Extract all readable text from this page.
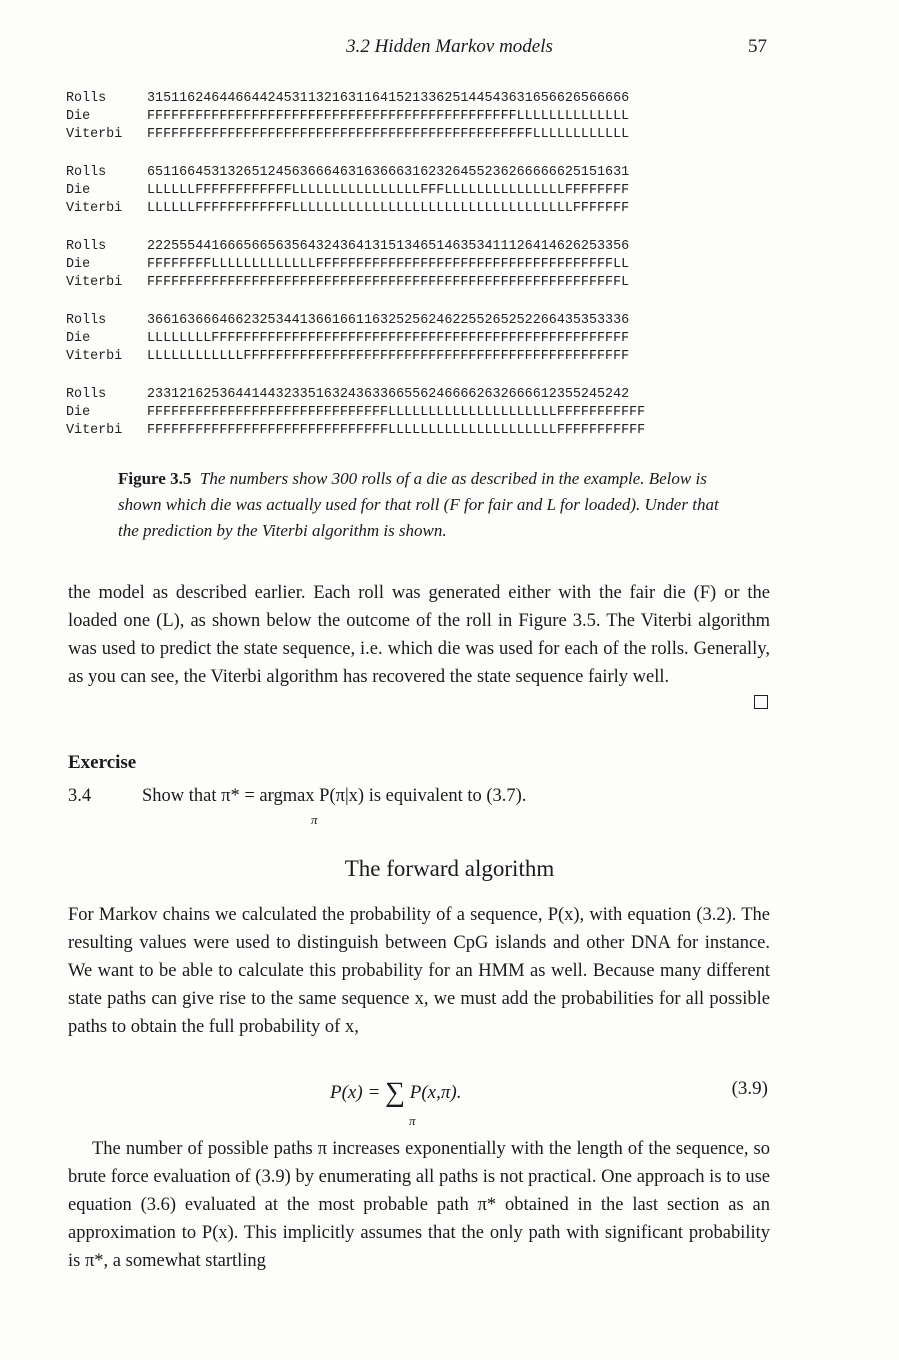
3.2 Hidden Markov models	57
Rolls	315116246446644245311321631164152133625144543631656626566666
Die	FFFFFFFFFFFFFFFFFFFFFFFFFFFFFFFFFFFFFFFFFFFFFFLLLLLLLLLLLLLL
Viterbi	FFFFFFFFFFFFFFFFFFFFFFFFFFFFFFFFFFFFFFFFFFFFFFFFLLLLLLLLLLLL
Rolls	651166453132651245636664631636663162326455236266666625151631
Die	LLLLLLFFFFFFFFFFFFLLLLLLLLLLLLLLLLFFFLLLLLLLLLLLLLLLFFFFFFFF
Viterbi	LLLLLLFFFFFFFFFFFFLLLLLLLLLLLLLLLLLLLLLLLLLLLLLLLLLLLFFFFFFF
Rolls	222555441666566563564324364131513465146353411126414626253356
Die	FFFFFFFFLLLLLLLLLLLLLFFFFFFFFFFFFFFFFFFFFFFFFFFFFFFFFFFFFFLL
Viterbi	FFFFFFFFFFFFFFFFFFFFFFFFFFFFFFFFFFFFFFFFFFFFFFFFFFFFFFFFFFFL
Rolls	366163666466232534413661661163252562462255265252266435353336
Die	LLLLLLLLFFFFFFFFFFFFFFFFFFFFFFFFFFFFFFFFFFFFFFFFFFFFFFFFFFFF
Viterbi	LLLLLLLLLLLLFFFFFFFFFFFFFFFFFFFFFFFFFFFFFFFFFFFFFFFFFFFFFFFF
Rolls	233121625364414432335163243633665562466662632666612355245242
Die	FFFFFFFFFFFFFFFFFFFFFFFFFFFFFFLLLLLLLLLLLLLLLLLLLLLFFFFFFFFFFF
Viterbi	FFFFFFFFFFFFFFFFFFFFFFFFFFFFFFLLLLLLLLLLLLLLLLLLLLLFFFFFFFFFFF
Figure 3.5 The numbers show 300 rolls of a die as described in the example. Below is shown which die was actually used for that roll (F for fair and L for loaded). Under that the prediction by the Viterbi algorithm is shown.
the model as described earlier. Each roll was generated either with the fair die (F) or the loaded one (L), as shown below the outcome of the roll in Figure 3.5. The Viterbi algorithm was used to predict the state sequence, i.e. which die was used for each of the rolls. Generally, as you can see, the Viterbi algorithm has recovered the state sequence fairly well.
Exercise
3.4	Show that π* = argmax P(π|x) is equivalent to (3.7).
π
The forward algorithm
For Markov chains we calculated the probability of a sequence, P(x), with equation (3.2). The resulting values were used to distinguish between CpG islands and other DNA for instance. We want to be able to calculate this probability for an HMM as well. Because many different state paths can give rise to the same sequence x, we must add the probabilities for all possible paths to obtain the full probability of x,
P(x) = ∑ P(x,π).
π
(3.9)
The number of possible paths π increases exponentially with the length of the sequence, so brute force evaluation of (3.9) by enumerating all paths is not practical. One approach is to use equation (3.6) evaluated at the most probable path π* obtained in the last section as an approximation to P(x). This implicitly assumes that the only path with significant probability is π*, a somewhat startling
